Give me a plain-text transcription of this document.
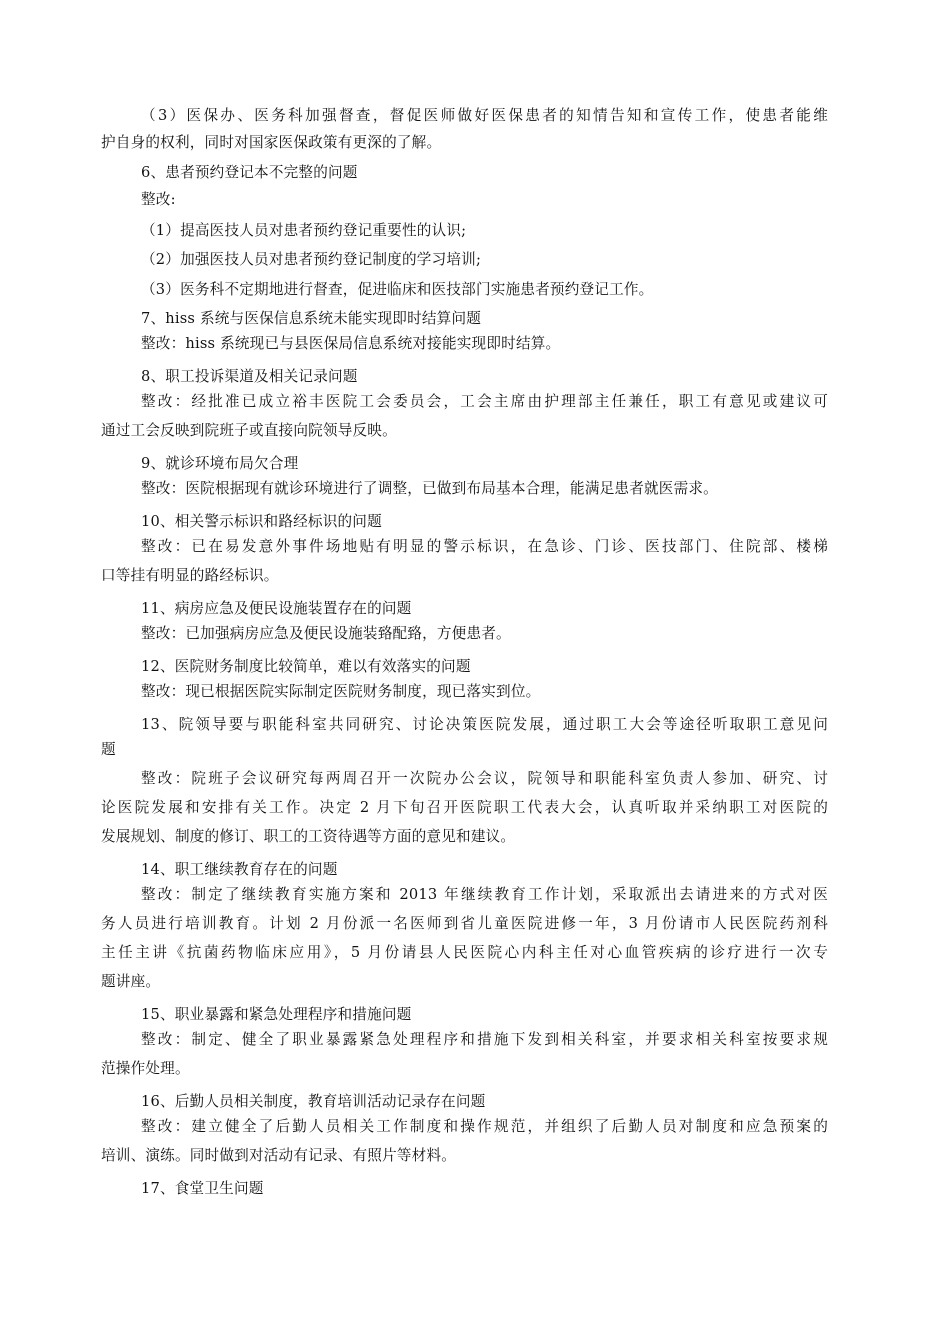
（3）医保办、医务科加强督查，督促医师做好医保患者的知情告知和宣传工作，使患者能维
护自身的权利，同时对国家医保政策有更深的了解。
6、患者预约登记本不完整的问题
整改:
（1）提高医技人员对患者预约登记重要性的认识;
（2）加强医技人员对患者预约登记制度的学习培训;
（3）医务科不定期地进行督查，促进临床和医技部门实施患者预约登记工作。
7、hiss 系统与医保信息系统未能实现即时结算问题
整改：hiss 系统现已与县医保局信息系统对接能实现即时结算。
8、职工投诉渠道及相关记录问题
整改：经批准已成立裕丰医院工会委员会，工会主席由护理部主任兼任，职工有意见或建议可
通过工会反映到院班子或直接向院领导反映。
9、就诊环境布局欠合理
整改：医院根据现有就诊环境进行了调整，已做到布局基本合理，能满足患者就医需求。
10、相关警示标识和路经标识的问题
整改：已在易发意外事件场地贴有明显的警示标识，在急诊、门诊、医技部门、住院部、楼梯
口等挂有明显的路经标识。
11、病房应急及便民设施装置存在的问题
整改：已加强病房应急及便民设施装臵配臵，方便患者。
12、医院财务制度比较简单，难以有效落实的问题
整改：现已根据医院实际制定医院财务制度，现已落实到位。
13、院领导要与职能科室共同研究、讨论决策医院发展，通过职工大会等途径听取职工意见问
题
整改：院班子会议研究每两周召开一次院办公会议，院领导和职能科室负责人参加、研究、讨
论医院发展和安排有关工作。决定 2 月下旬召开医院职工代表大会，认真听取并采纳职工对医院的
发展规划、制度的修订、职工的工资待遇等方面的意见和建议。
14、职工继续教育存在的问题
整改：制定了继续教育实施方案和 2013 年继续教育工作计划，采取派出去请进来的方式对医
务人员进行培训教育。计划 2 月份派一名医师到省儿童医院进修一年，3 月份请市人民医院药剂科
主任主讲《抗菌药物临床应用》，5 月份请县人民医院心内科主任对心血管疾病的诊疗进行一次专
题讲座。
15、职业暴露和紧急处理程序和措施问题
整改：制定、健全了职业暴露紧急处理程序和措施下发到相关科室，并要求相关科室按要求规
范操作处理。
16、后勤人员相关制度，教育培训活动记录存在问题
整改：建立健全了后勤人员相关工作制度和操作规范，并组织了后勤人员对制度和应急预案的
培训、演练。同时做到对活动有记录、有照片等材料。
17、食堂卫生问题
